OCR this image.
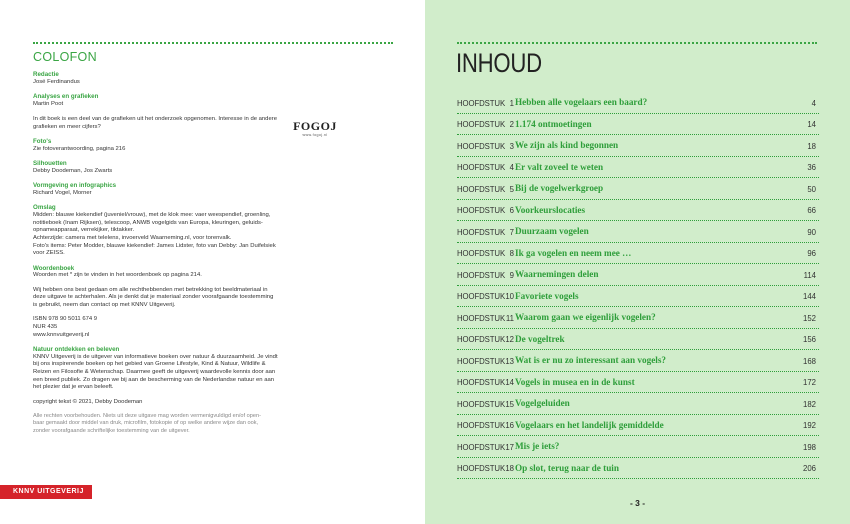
COLOFON
Redactie
José Ferdinandus
Analyses en grafieken
Martin Poot

In dit boek is een deel van de grafieken uit het onderzoek opgenomen. Interesse in de andere
grafieken en meer cijfers?
Foto's
Zie fotoverantwoording, pagina 216
Silhouetten
Debby Doodeman, Jos Zwarts
Vormgeving en infographics
Richard Vogel, Morner
Omslag
Midden: blauwe kiekendief (juveniel/vrouw), met de klok mee: vaer weespendief, groenling,
notitieboek (Inam Rijksen), telescoop, ANWB vogelgids van Europa, kleuringen, geluids-
opnameapparaat, verrekijker, tiktakker.
Achterzijde: camera met telelens, invoerveld Waarneming.nl, voor torenvalk.
Foto's items: Peter Modder, blauwe kiekendief: James Lidster, foto van Debby: Jan Duifelsiek
voor ZEISS.
Woordenboek
Woorden met * zijn te vinden in het woordenboek op pagina 214.
Wij hebben ons best gedaan om alle rechthebbenden met betrekking tot beeldmateriaal in
deze uitgave te achterhalen. Als je denkt dat je materiaal zonder voorafgaande toestemming
is gebruikt, neem dan contact op met KNNV Uitgeverij.
ISBN 978 90 5011 674 9
NUR 435
www.knnvuitgeverij.nl
Natuur ontdekken en beleven
KNNV Uitgeverij is de uitgever van informatieve boeken over natuur & duurzaamheid. Je vindt
bij ons inspirerende boeken op het gebied van Groene Lifestyle, Kind & Natuur, Wildlife &
Reizen en Filosofie & Wetenschap. Daarmee geeft de uitgeverij waardevolle kennis door aan
een breed publiek. Zo dragen we bij aan de bescherming van de Nederlandse natuur en aan
het plezier dat je ervan beleeft.
copyright tekst © 2021, Debby Doodeman
Alle rechten voorbehouden. Niets uit deze uitgave mag worden vermenigvuldigd en/of open-
baar gemaakt door middel van druk, microfilm, fotokopie of op welke andere wijze dan ook,
zonder voorafgaande schriftelijke toestemming van de uitgever.
FOGOJ
www.fogoj.nl
KNNV UITGEVERIJ
INHOUD
HOOFDSTUK 1 Hebben alle vogelaars een baard?	4
HOOFDSTUK 2 1.174 ontmoetingen	14
HOOFDSTUK 3 We zijn als kind begonnen	18
HOOFDSTUK 4 Er valt zoveel te weten	36
HOOFDSTUK 5 Bij de vogelwerkgroep	50
HOOFDSTUK 6 Voorkeurslocaties	66
HOOFDSTUK 7 Duurzaam vogelen	90
HOOFDSTUK 8 Ik ga vogelen en neem mee …	96
HOOFDSTUK 9 Waarnemingen delen	114
HOOFDSTUK 10 Favoriete vogels	144
HOOFDSTUK 11 Waarom gaan we eigenlijk vogelen?	152
HOOFDSTUK 12 De vogeltrek	156
HOOFDSTUK 13 Wat is er nu zo interessant aan vogels?	168
HOOFDSTUK 14 Vogels in musea en in de kunst	172
HOOFDSTUK 15 Vogelgeluiden	182
HOOFDSTUK 16 Vogelaars en het landelijk gemiddelde	192
HOOFDSTUK 17 Mis je iets?	198
HOOFDSTUK 18 Op slot, terug naar de tuin	206
- 3 -
